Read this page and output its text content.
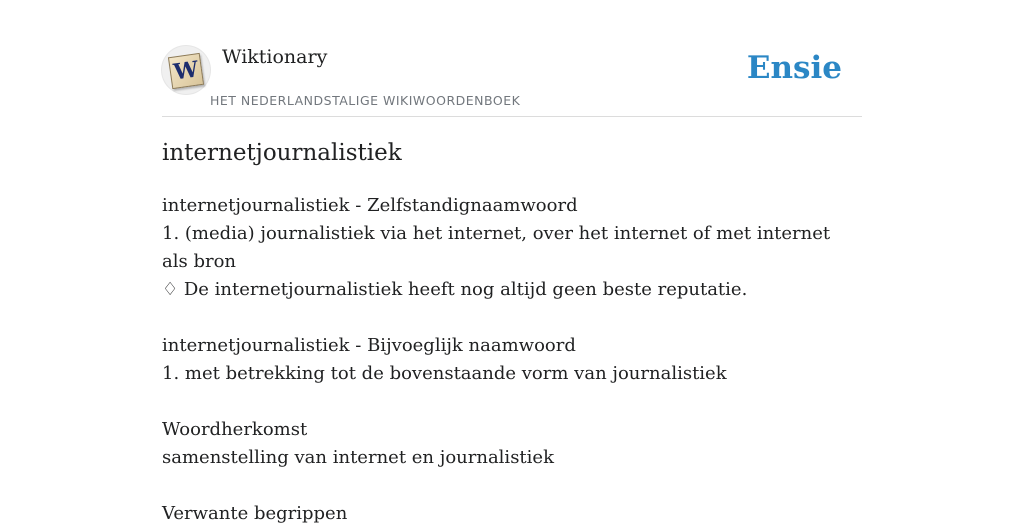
W Wiktionary
HET NEDERLANDSTALIGE WIKIWOORDENBOEK
Ensie
internetjournalistiek

internetjournalistiek - Zelfstandignaamwoord

1. (media) journalistiek via het internet, over het internet of met internet als bron

♢ De internetjournalistiek heeft nog altijd geen beste reputatie.

internetjournalistiek - Bijvoeglijk naamwoord

1. met betrekking tot de bovenstaande vorm van journalistiek

Woordherkomst

samenstelling van internet en journalistiek

Verwante begrippen
